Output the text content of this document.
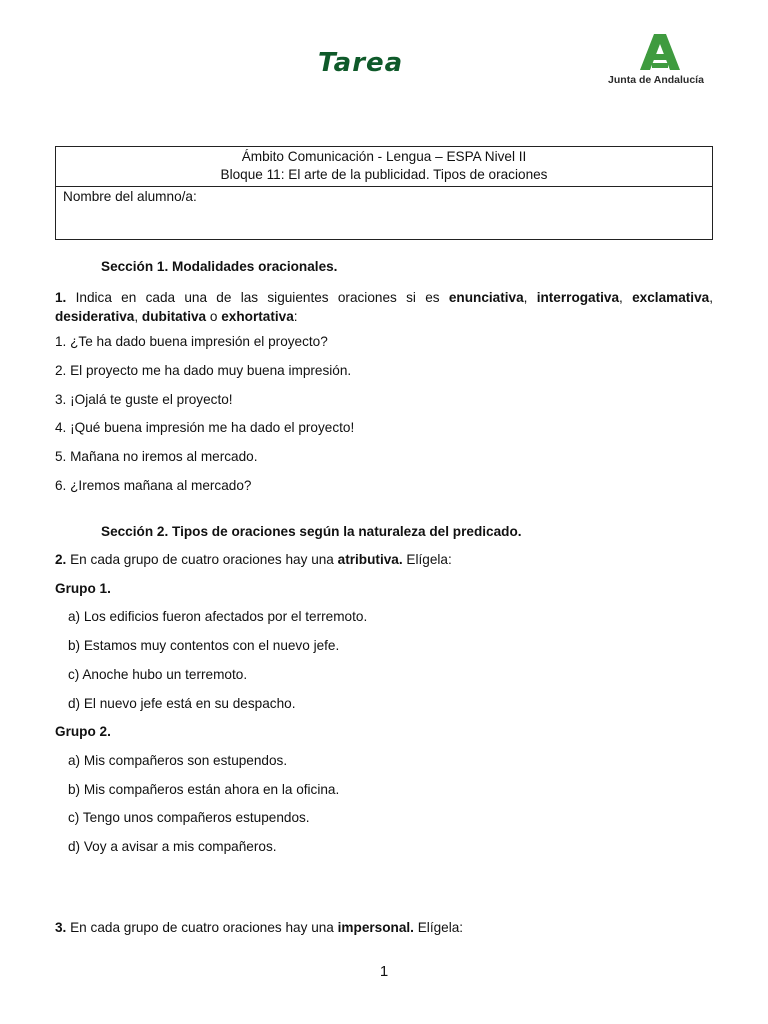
Tarea
Junta de Andalucía
Ámbito Comunicación - Lengua – ESPA Nivel II
Bloque 11: El arte de la publicidad. Tipos de oraciones
Nombre del alumno/a:
Sección 1. Modalidades oracionales.
1. Indica en cada una de las siguientes oraciones si es enunciativa, interrogativa, exclamativa, desiderativa, dubitativa o exhortativa:
1. ¿Te ha dado buena impresión el proyecto?
2. El proyecto me ha dado muy buena impresión.
3. ¡Ojalá te guste el proyecto!
4. ¡Qué buena impresión me ha dado el proyecto!
5. Mañana no iremos al mercado.
6. ¿Iremos mañana al mercado?
Sección 2. Tipos de oraciones según la naturaleza del predicado.
2. En cada grupo de cuatro oraciones hay una atributiva. Elígela:
Grupo 1.
a) Los edificios fueron afectados por el terremoto.
b) Estamos muy contentos con el nuevo jefe.
c) Anoche hubo un terremoto.
d) El nuevo jefe está en su despacho.
Grupo 2.
a) Mis compañeros son estupendos.
b) Mis compañeros están ahora en la oficina.
c) Tengo unos compañeros estupendos.
d) Voy a avisar a mis compañeros.
3. En cada grupo de cuatro oraciones hay una impersonal. Elígela:
1
